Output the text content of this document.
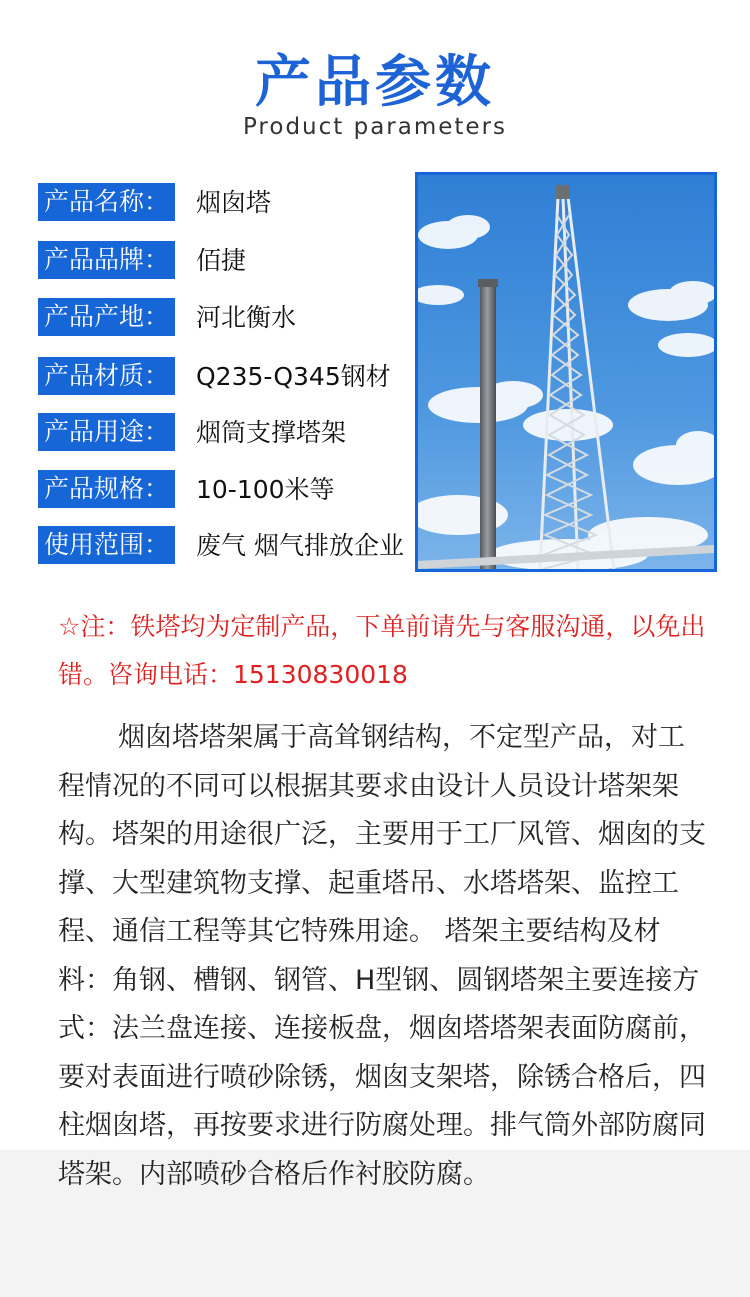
产品参数
Product parameters
产品名称： 烟囱塔
产品品牌： 佰捷
产品产地： 河北衡水
产品材质： Q235-Q345钢材
产品用途： 烟筒支撑塔架
产品规格： 10-100米等
使用范围： 废气 烟气排放企业
☆注：铁塔均为定制产品，下单前请先与客服沟通，以免出错。咨询电话：15130830018
烟囱塔塔架属于高耸钢结构，不定型产品，对工程情况的不同可以根据其要求由设计人员设计塔架架构。塔架的用途很广泛，主要用于工厂风管、烟囱的支撑、大型建筑物支撑、起重塔吊、水塔塔架、监控工程、通信工程等其它特殊用途。 塔架主要结构及材料：角钢、槽钢、钢管、H型钢、圆钢塔架主要连接方式：法兰盘连接、连接板盘，烟囱塔塔架表面防腐前，要对表面进行喷砂除锈，烟囱支架塔，除锈合格后，四柱烟囱塔，再按要求进行防腐处理。排气筒外部防腐同塔架。内部喷砂合格后作衬胶防腐。
